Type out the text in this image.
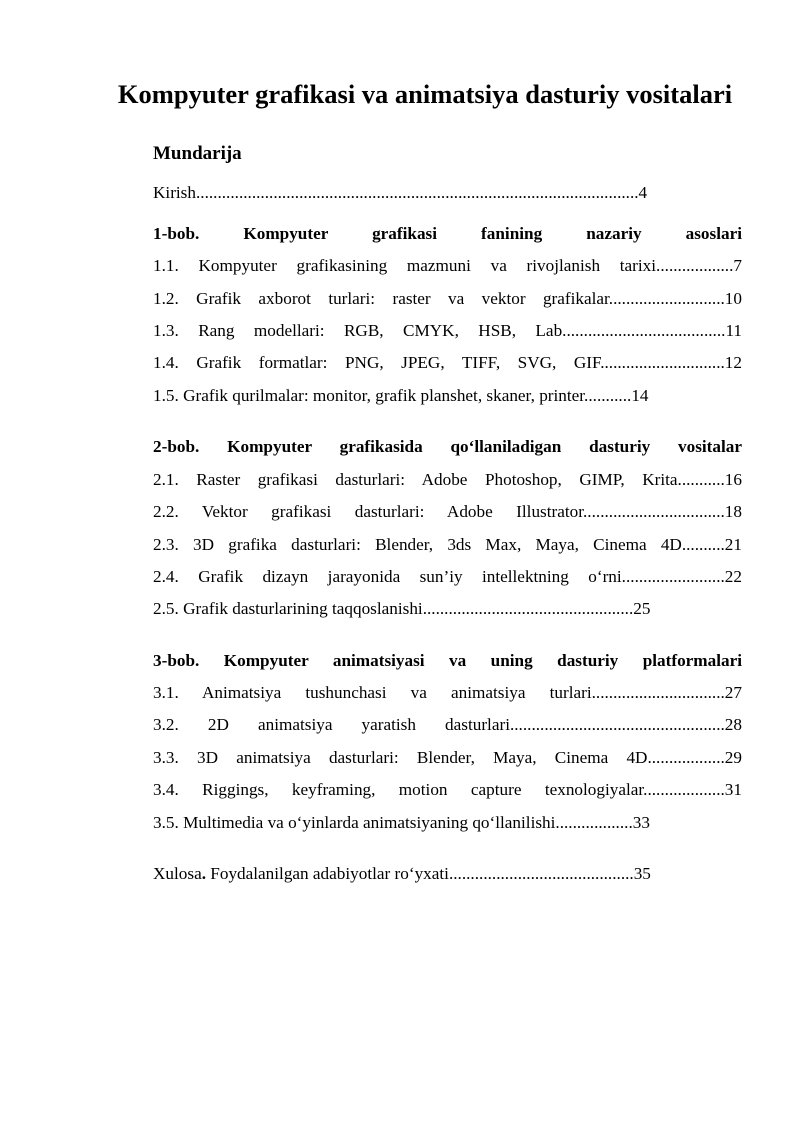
Kompyuter grafikasi va animatsiya dasturiy vositalari
Mundarija
Kirish.......................................................................................................4
1-bob. Kompyuter grafikasi fanining nazariy asoslari
1.1. Kompyuter grafikasining mazmuni va rivojlanish tarixi..................7
1.2. Grafik axborot turlari: raster va vektor grafikalar...........................10
1.3. Rang modellari: RGB, CMYK, HSB, Lab......................................11
1.4. Grafik formatlar: PNG, JPEG, TIFF, SVG, GIF.............................12
1.5. Grafik qurilmalar: monitor, grafik planshet, skaner, printer...........14
2-bob. Kompyuter grafikasida qo‘llaniladigan dasturiy vositalar
2.1. Raster grafikasi dasturlari: Adobe Photoshop, GIMP, Krita...........16
2.2. Vektor grafikasi dasturlari: Adobe Illustrator.................................18
2.3. 3D grafika dasturlari: Blender, 3ds Max, Maya, Cinema 4D..........21
2.4. Grafik dizayn jarayonida sun’iy intellektning o‘rni........................22
2.5. Grafik dasturlarining taqqoslanishi.................................................25
3-bob. Kompyuter animatsiyasi va uning dasturiy platformalari
3.1. Animatsiya tushunchasi va animatsiya turlari...............................27
3.2. 2D animatsiya yaratish dasturlari..................................................28
3.3. 3D animatsiya dasturlari: Blender, Maya, Cinema 4D..................29
3.4. Riggings, keyframing, motion capture texnologiyalar...................31
3.5. Multimedia va o‘yinlarda animatsiyaning qo‘llanilishi..................33
Xulosa. Foydalanilgan adabiyotlar ro‘yxati...........................................35
